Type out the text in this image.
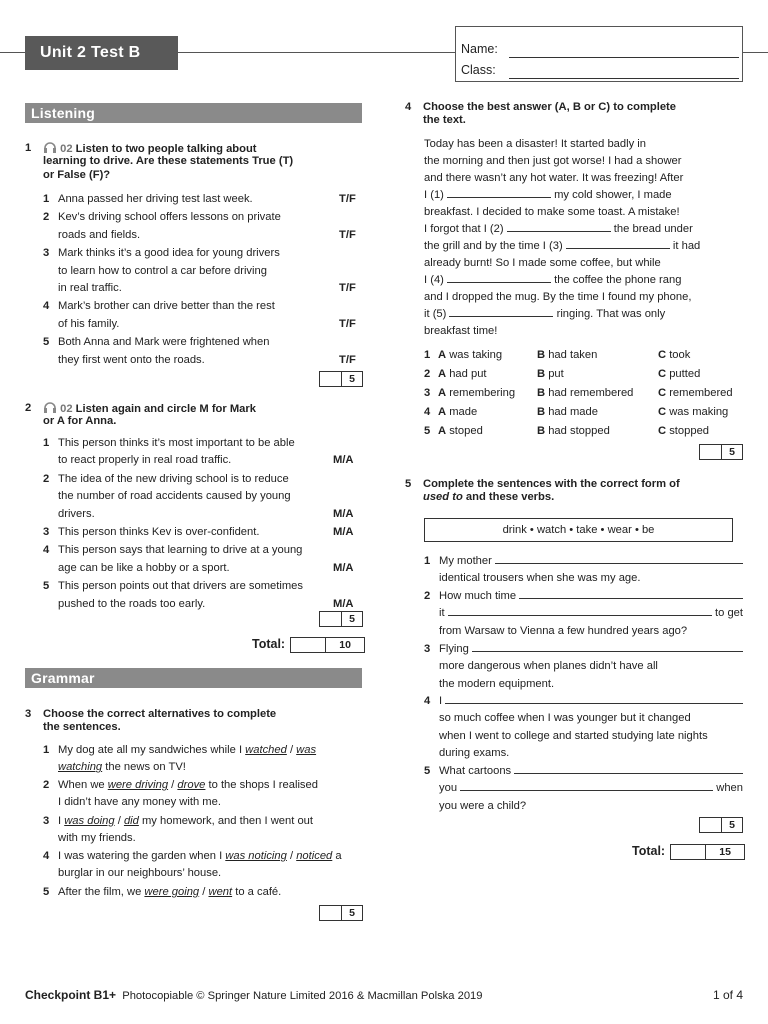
Unit 2 Test B	Name:
Class:
Listening
1	02 Listen to two people talking about
learning to drive. Are these statements True (T)
or False (F)?
1 Anna passed her driving test last week.	T/F
2 Kev’s driving school offers lessons on private
roads and fields.	T/F
3 Mark thinks it’s a good idea for young drivers
to learn how to control a car before driving
in real traffic.	T/F
4 Mark’s brother can drive better than the rest
of his family.	T/F
5 Both Anna and Mark were frightened when
they first went onto the roads.	T/F
5
2	02 Listen again and circle M for Mark
or A for Anna.
1 This person thinks it’s most important to be able
to react properly in real road traffic.	M/A
2 The idea of the new driving school is to reduce
the number of road accidents caused by young
drivers.	M/A
3 This person thinks Kev is over-confident.	M/A
4 This person says that learning to drive at a young
age can be like a hobby or a sport.	M/A
5 This person points out that drivers are sometimes
pushed to the roads too early.	M/A
5
Total:	10
Grammar
3 Choose the correct alternatives to complete
the sentences.
1 My dog ate all my sandwiches while I watched / was watching the news on TV!
2 When we were driving / drove to the shops I realised
I didn’t have any money with me.
3 I was doing / did my homework, and then I went out
with my friends.
4 I was watering the garden when I was noticing / noticed a burglar in our neighbours’ house.
5 After the film, we were going / went to a café.
5
4 Choose the best answer (A, B or C) to complete
the text.
Today has been a disaster! It started badly in
the morning and then just got worse! I had a shower
and there wasn’t any hot water. It was freezing! After
I (1)	my cold shower, I made
breakfast. I decided to make some toast. A mistake!
I forgot that I (2)	the bread under
the grill and by the time I (3)	it had
already burnt! So I made some coffee, but while
I (4)	the coffee the phone rang
and I dropped the mug. By the time I found my phone,
it (5)	ringing. That was only
breakfast time!
1 A was taking	B had taken	C took
2 A had put	B put	C putted
3 A remembering B had remembered C remembered
4 A made	B had made	C was making
5 A stoped	B had stopped	C stopped
5
5 Complete the sentences with the correct form of
used to and these verbs.
drink • watch • take • wear • be
1 My mother
identical trousers when she was my age.
2 How much time
it	to get
from Warsaw to Vienna a few hundred years ago?
3 Flying
more dangerous when planes didn’t have all
the modern equipment.
4 I
so much coffee when I was younger but it changed
when I went to college and started studying late nights
during exams.
5 What cartoons
you	when
you were a child?
5
Total:	15
Checkpoint B1+ Photocopiable © Springer Nature Limited 2016 & Macmillan Polska 2019	1 of 4
